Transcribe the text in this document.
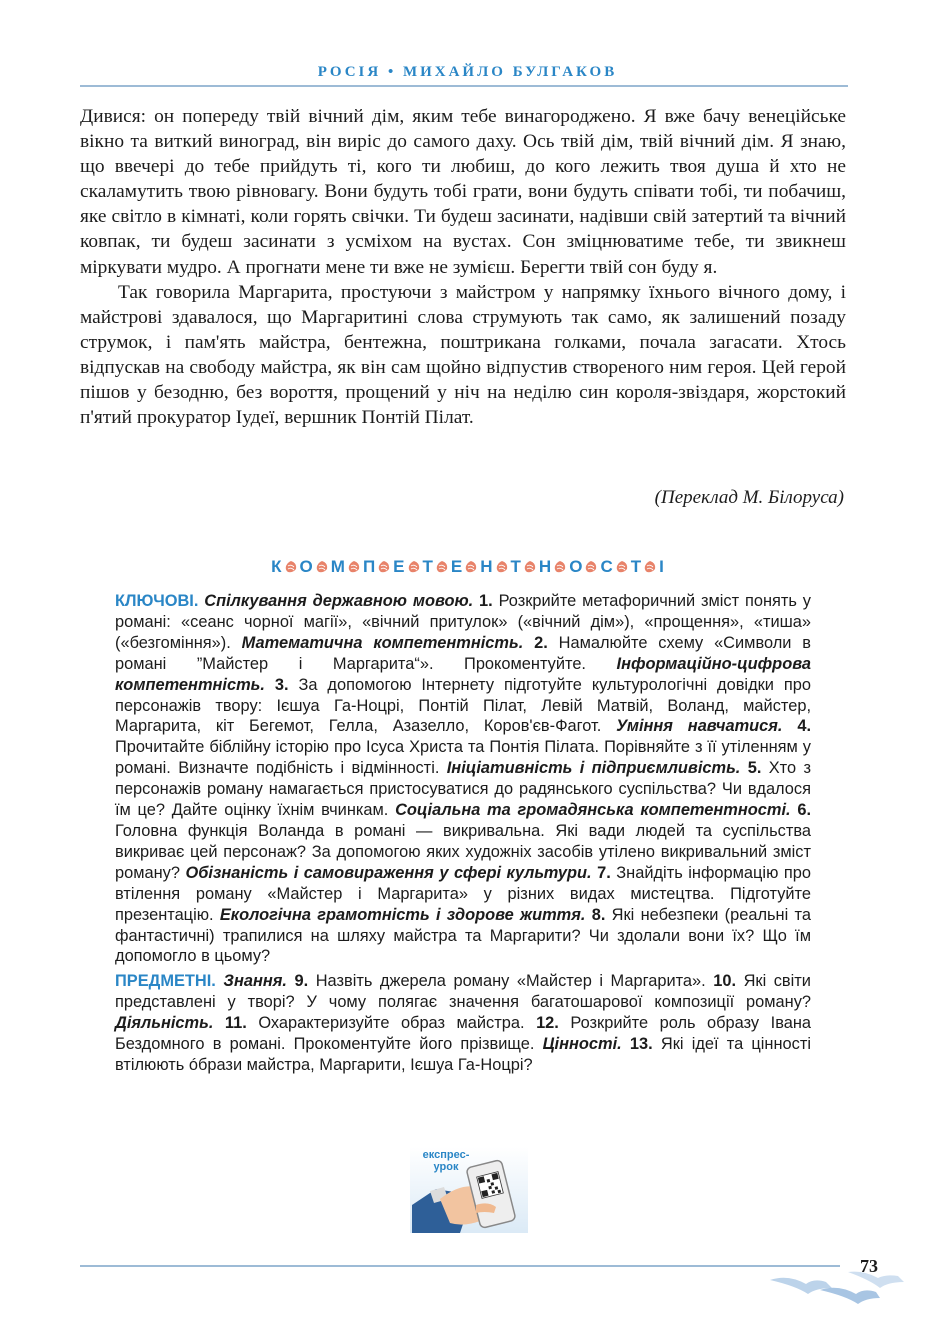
РОСІЯ • МИХАЙЛО БУЛГАКОВ

Дивися: он попереду твій вічний дім, яким тебе винагороджено. Я вже бачу венеційське вікно та виткий виноград, він виріс до самого даху. Ось твій дім, твій вічний дім. Я знаю, що ввечері до тебе прийдуть ті, кого ти любиш, до кого лежить твоя душа й хто не скаламутить твою рівновагу. Вони будуть тобі грати, вони будуть співати тобі, ти побачиш, яке світло в кімнаті, коли горять свічки. Ти будеш засинати, надівши свій затертий та вічний ковпак, ти будеш засинати з усміхом на вустах. Сон зміцнюватиме тебе, ти звикнеш міркувати мудро. А прогнати мене ти вже не зумієш. Берегти твій сон буду я.

Так говорила Маргарита, простуючи з майстром у напрямку їхнього вічного дому, і майстрові здавалося, що Маргаритині слова струмують так само, як залишений позаду струмок, і пам'ять майстра, бентежна, поштрикана голками, почала загасати. Хтось відпускав на свободу майстра, як він сам щойно відпустив створеного ним героя. Цей герой пішов у безодню, без вороття, прощений у ніч на неділю син короля-звіздаря, жорстокий п'ятий прокуратор Іудеї, вершник Понтій Пілат.

(Переклад М. Білоруса)
К О М П Е Т Е Н Т Н О С Т І

КЛЮЧОВІ. Спілкування державною мовою. 1. Розкрийте метафоричний зміст понять у романі: «сеанс чорної магії», «вічний притулок» («вічний дім»), «прощення», «тиша» («безгоміння»). Математична компетентність. 2. Намалюйте схему «Символи в романі ”Майстер і Маргарита“». Прокоментуйте. Інформаційно-цифрова компетентність. 3. За допомогою Інтернету підготуйте культурологічні довідки про персонажів твору: Ієшуа Га-Ноцрі, Понтій Пілат, Левій Матвій, Воланд, майстер, Маргарита, кіт Бегемот, Гелла, Азазелло, Коров'єв-Фагот. Уміння навчатися. 4. Прочитайте біблійну історію про Ісуса Христа та Понтія Пілата. Порівняйте з її утіленням у романі. Визначте подібність і відмінності. Ініціативність і підприємливість. 5. Хто з персонажів роману намагається пристосуватися до радянського суспільства? Чи вдалося їм це? Дайте оцінку їхнім вчинкам. Соціальна та громадянська компетентності. 6. Головна функція Воланда в романі — викривальна. Які вади людей та суспільства викриває цей персонаж? За допомогою яких художніх засобів утілено викривальний зміст роману? Обізнаність і самовираження у сфері культури. 7. Знайдіть інформацію про втілення роману «Майстер і Маргарита» у різних видах мистецтва. Підготуйте презентацію. Екологічна грамотність і здорове життя. 8. Які небезпеки (реальні та фантастичні) трапилися на шляху майстра та Маргарити? Чи здолали вони їх? Що їм допомогло в цьому?

ПРЕДМЕТНІ. Знання. 9. Назвіть джерела роману «Майстер і Маргарита». 10. Які світи представлені у творі? У чому полягає значення багатошарової композиції роману? Діяльність. 11. Охарактеризуйте образ майстра. 12. Розкрийте роль образу Івана Бездомного в романі. Прокоментуйте його прізвище. Цінності. 13. Які ідеї та цінності втілюють óбрази майстра, Маргарити, Ієшуа Га-Ноцрі?

експрес-
урок
73
